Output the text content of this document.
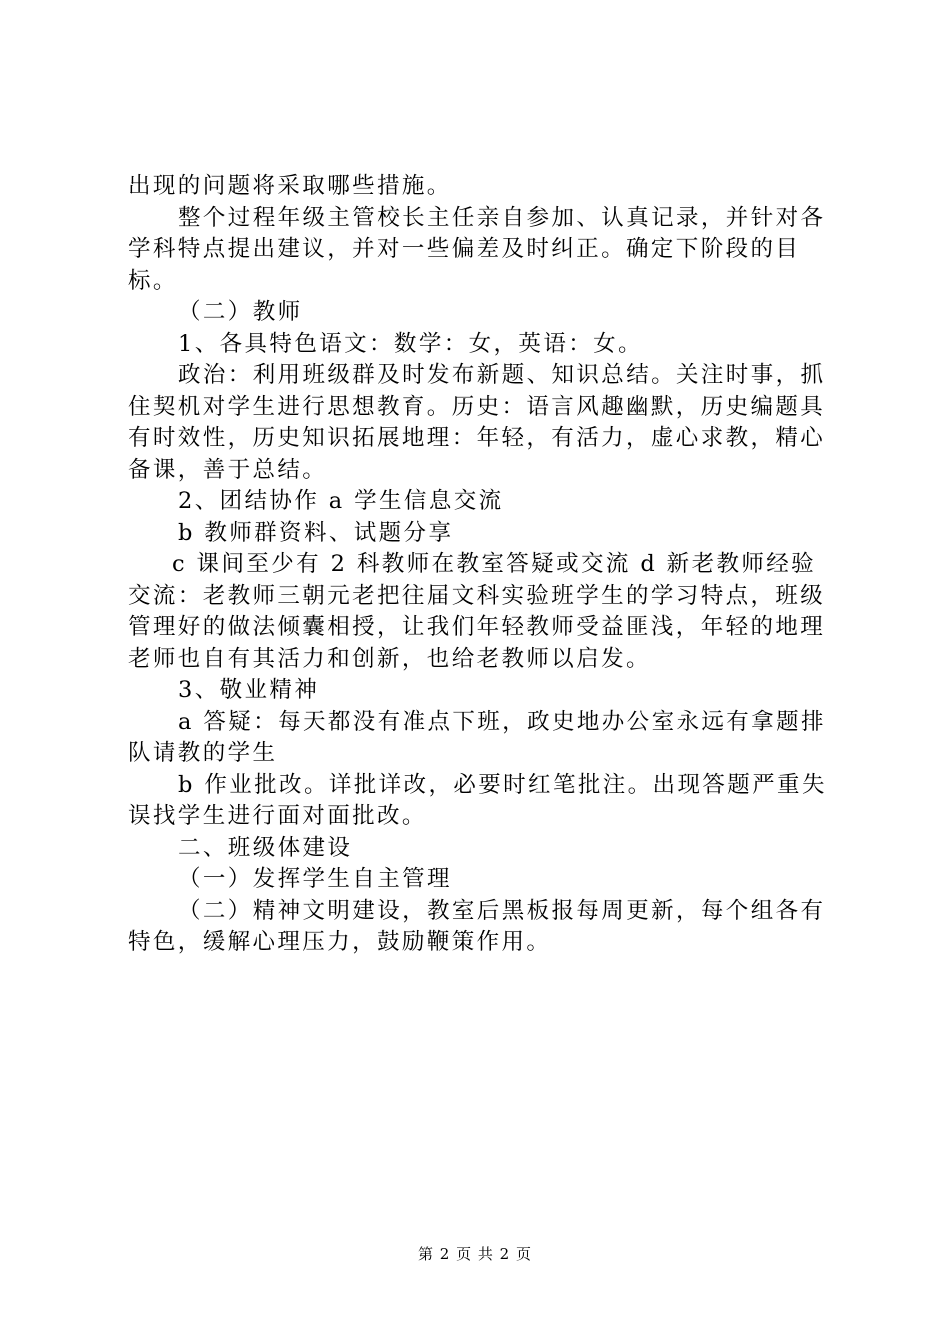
出现的问题将采取哪些措施。

整个过程年级主管校长主任亲自参加、认真记录，并针对各学科特点提出建议，并对一些偏差及时纠正。确定下阶段的目标。

（二）教师

1、各具特色语文：数学：女，英语：女。

政治：利用班级群及时发布新题、知识总结。关注时事，抓住契机对学生进行思想教育。历史：语言风趣幽默，历史编题具有时效性，历史知识拓展地理：年轻，有活力，虚心求教，精心备课，善于总结。

2、团结协作 a 学生信息交流

b 教师群资料、试题分享

c 课间至少有 2 科教师在教室答疑或交流 d 新老教师经验交流：老教师三朝元老把往届文科实验班学生的学习特点，班级管理好的做法倾囊相授，让我们年轻教师受益匪浅，年轻的地理老师也自有其活力和创新，也给老教师以启发。

3、敬业精神

a 答疑：每天都没有准点下班，政史地办公室永远有拿题排队请教的学生

b 作业批改。详批详改，必要时红笔批注。出现答题严重失误找学生进行面对面批改。

二、班级体建设

（一）发挥学生自主管理

（二）精神文明建设，教室后黑板报每周更新，每个组各有特色，缓解心理压力，鼓励鞭策作用。

第 2 页 共 2 页
